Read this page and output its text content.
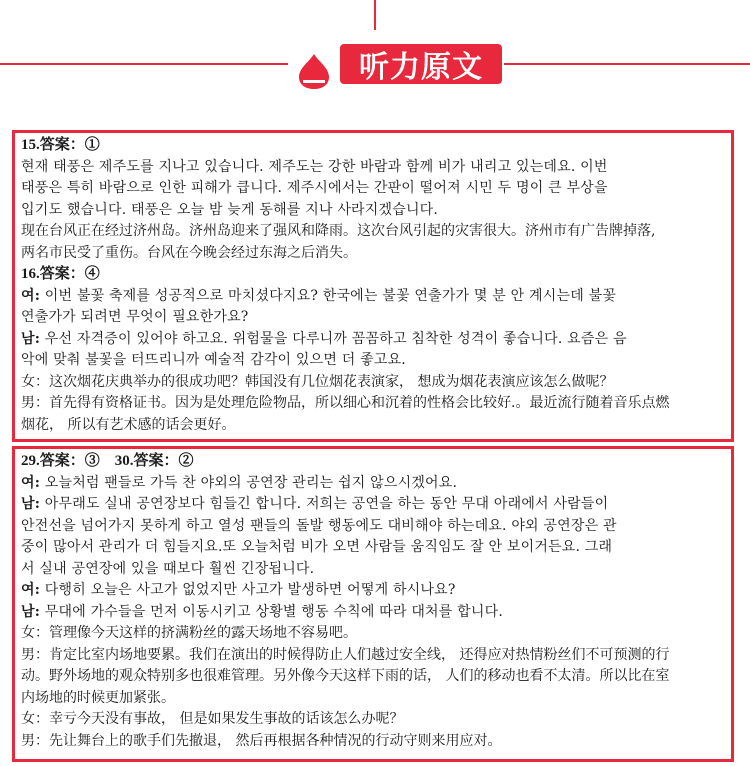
听力原文
15.答案：①
현재 태풍은 제주도를 지나고 있습니다. 제주도는 강한 바람과 함께 비가 내리고 있는데요. 이번
태풍은 특히 바람으로 인한 피해가 큽니다. 제주시에서는 간판이 떨어져 시민 두 명이 큰 부상을
입기도 했습니다. 태풍은 오늘 밤 늦게 동해를 지나 사라지겠습니다.
现在台风正在经过济州岛。济州岛迎来了强风和降雨。这次台风引起的灾害很大。济州市有广告牌掉落,
两名市民受了重伤。台风在今晚会经过东海之后消失。
16.答案：④
여: 이번 불꽃 축제를 성공적으로 마치셨다지요? 한국에는 불꽃 연출가가 몇 분 안 계시는데 불꽃
연출가가 되려면 무엇이 필요한가요?
남: 우선 자격증이 있어야 하고요. 위험물을 다루니까 꼼꼼하고 침착한 성격이 좋습니다. 요즘은 음
악에 맞춰 불꽃을 터뜨리니까 예술적 감각이 있으면 더 좋고요.
女：这次烟花庆典举办的很成功吧？韩国没有几位烟花表演家， 想成为烟花表演应该怎么做呢？
男：首先得有资格证书。因为是处理危险物品，所以细心和沉着的性格会比较好.。最近流行随着音乐点燃
烟花， 所以有艺术感的话会更好。
29.答案：③　30.答案：②
여: 오늘처럼 팬들로 가득 찬 야외의 공연장 관리는 쉽지 않으시겠어요.
남: 아무래도 실내 공연장보다 힘들긴 합니다. 저희는 공연을 하는 동안 무대 아래에서 사람들이
안전선을 넘어가지 못하게 하고 열성 팬들의 돌발 행동에도 대비해야 하는데요. 야외 공연장은 관
중이 많아서 관리가 더 힘들지요.또 오늘처럼 비가 오면 사람들 움직임도 잘 안 보이거든요. 그래
서 실내 공연장에 있을 때보다 훨씬 긴장됩니다.
여: 다행히 오늘은 사고가 없었지만 사고가 발생하면 어떻게 하시나요?
남: 무대에 가수들을 먼저 이동시키고 상황별 행동 수칙에 따라 대처를 합니다.
女：管理像今天这样的挤满粉丝的露天场地不容易吧。
男：肯定比室内场地要累。我们在演出的时候得防止人们越过安全线， 还得应对热情粉丝们不可预测的行
动。野外场地的观众特别多也很难管理。另外像今天这样下雨的话， 人们的移动也看不太清。所以比在室
内场地的时候更加紧张。
女：幸亏今天没有事故， 但是如果发生事故的话该怎么办呢？
男：先让舞台上的歌手们先撤退， 然后再根据各种情况的行动守则来用应对。
